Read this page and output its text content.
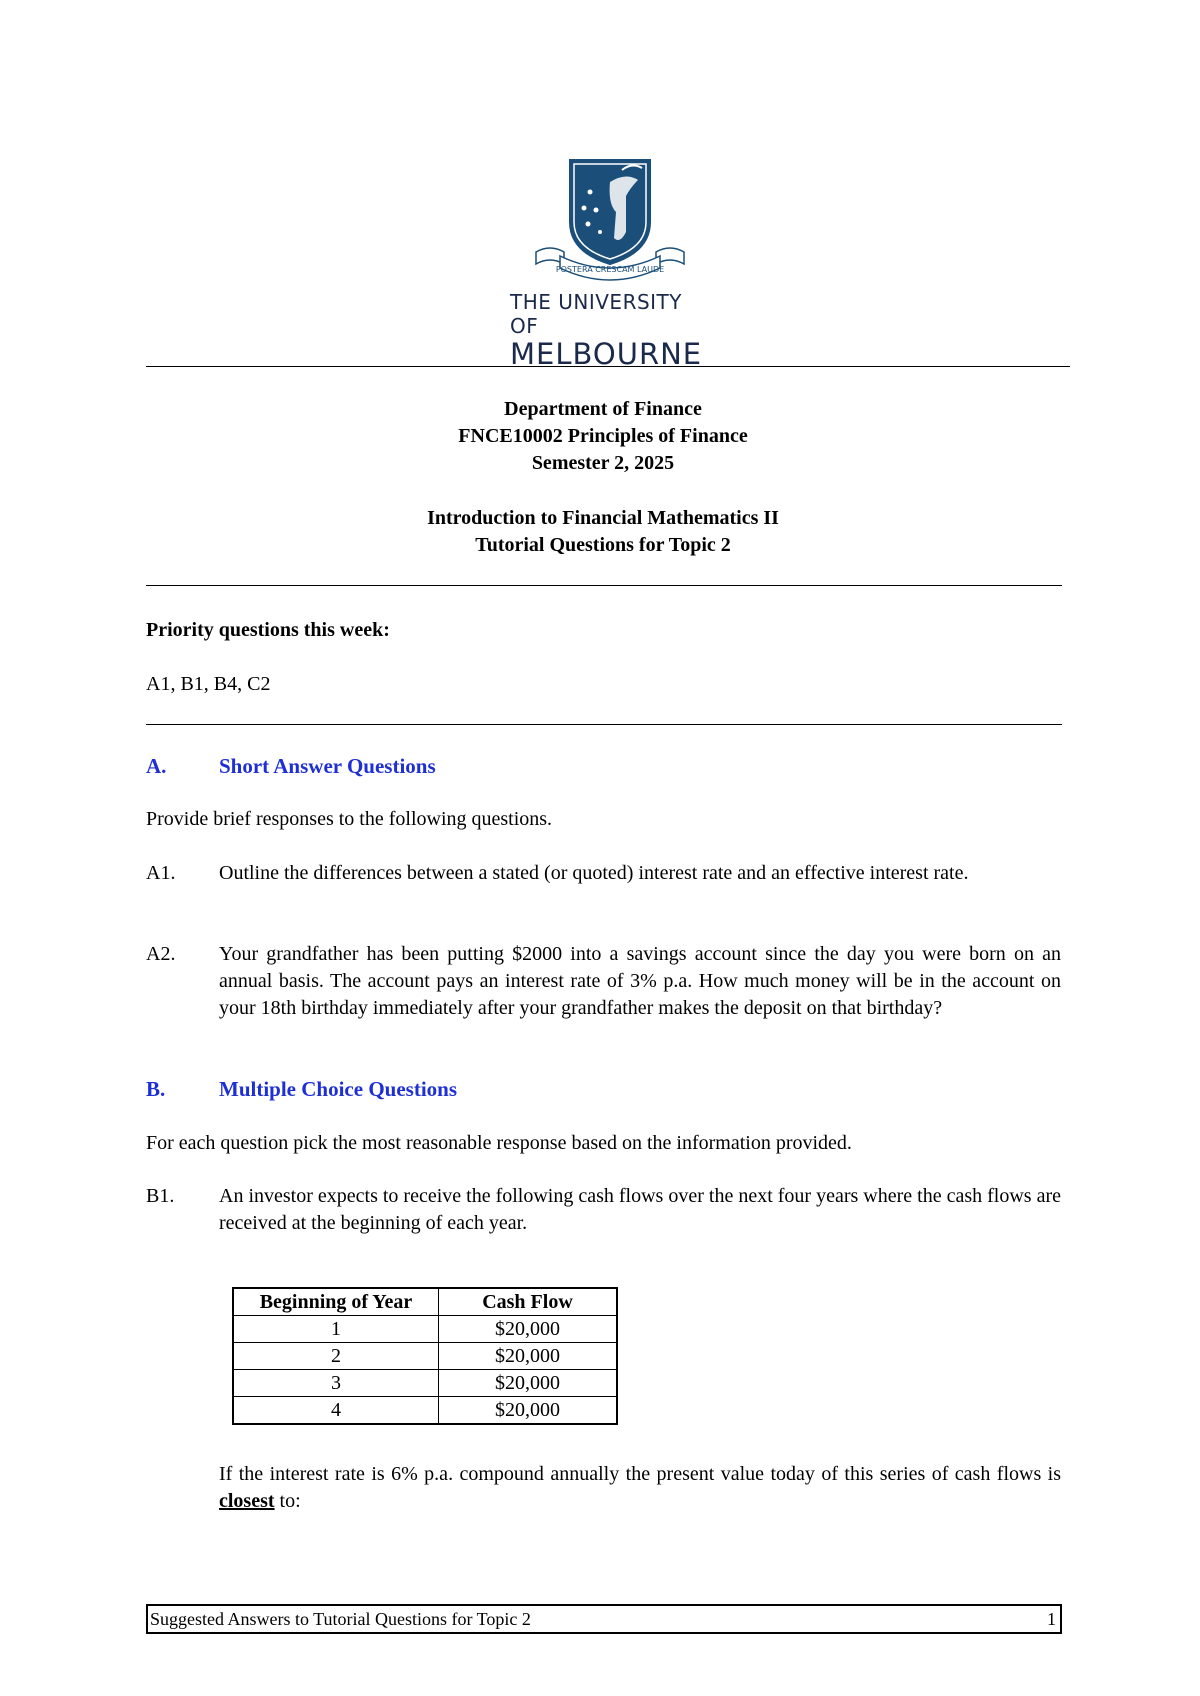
POSTERA CRESCAM LAUDE
THE UNIVERSITY OF
MELBOURNE
Department of Finance
FNCE10002 Principles of Finance
Semester 2, 2025
Introduction to Financial Mathematics II
Tutorial Questions for Topic 2
Priority questions this week:
A1, B1, B4, C2
A.	Short Answer Questions
Provide brief responses to the following questions.
A1. Outline the differences between a stated (or quoted) interest rate and an effective interest rate.
A2. Your grandfather has been putting $2000 into a savings account since the day you were born on an annual basis. The account pays an interest rate of 3% p.a. How much money will be in the account on your 18th birthday immediately after your grandfather makes the deposit on that birthday?
B.	Multiple Choice Questions
For each question pick the most reasonable response based on the information provided.
B1. An investor expects to receive the following cash flows over the next four years where the cash flows are received at the beginning of each year.
Beginning of Year	Cash Flow
1	$20,000
2	$20,000
3	$20,000
4	$20,000
If the interest rate is 6% p.a. compound annually the present value today of this series of cash flows is closest to:
Suggested Answers to Tutorial Questions for Topic 2	1
